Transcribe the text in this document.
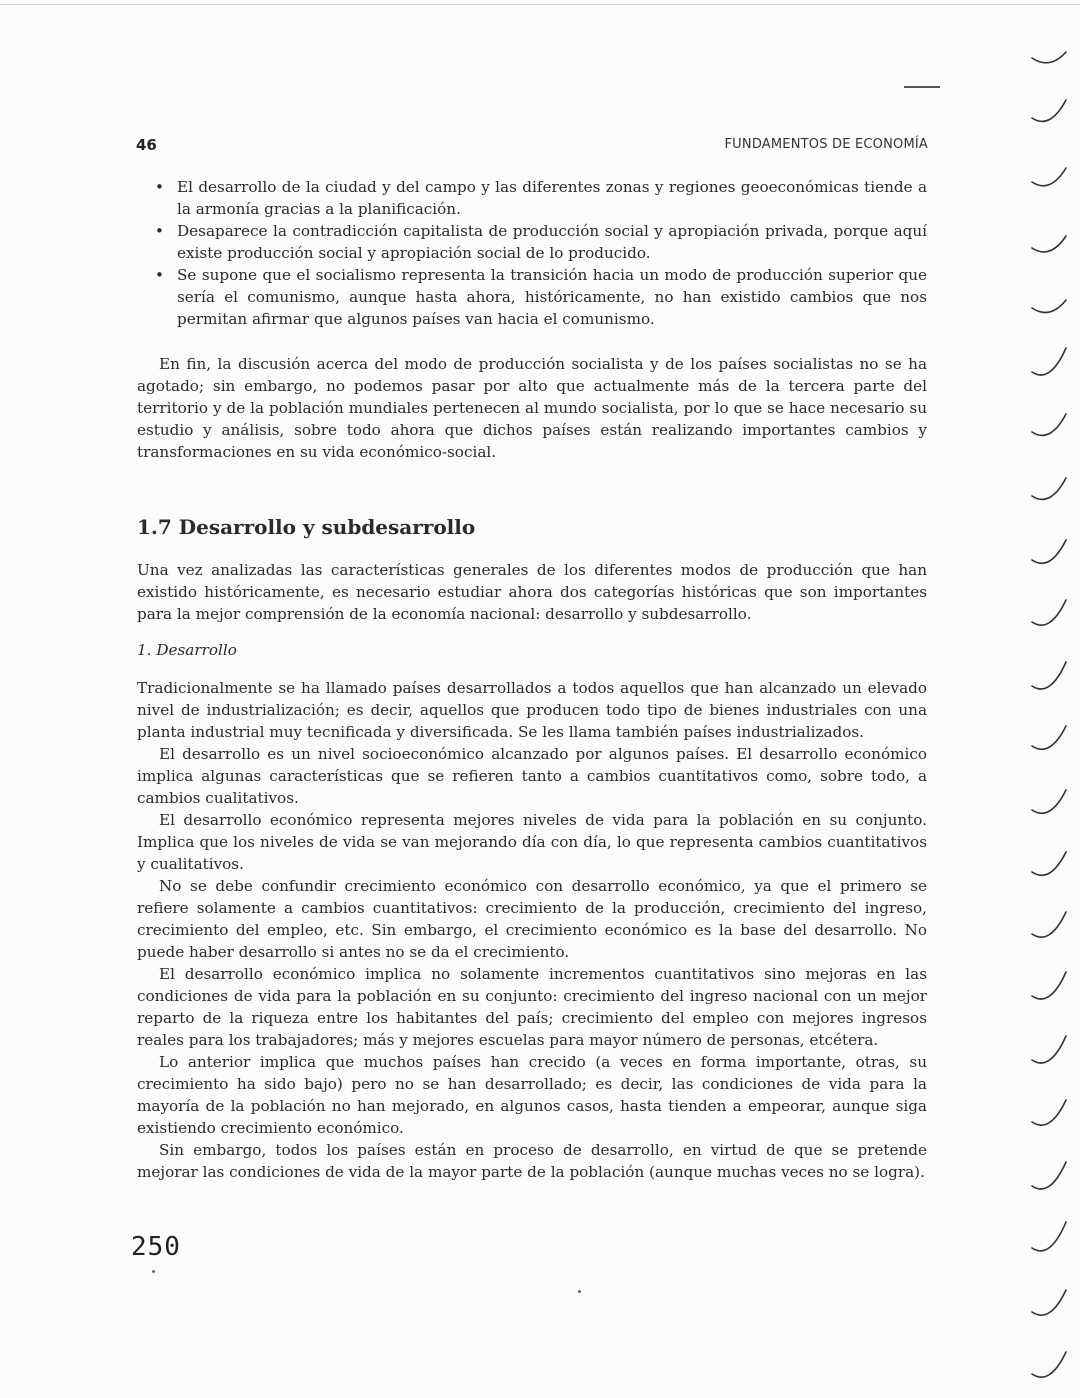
46	FUNDAMENTOS DE ECONOMÍA
• El desarrollo de la ciudad y del campo y las diferentes zonas y regiones geoeconómicas tiende a la armonía gracias a la planificación.
• Desaparece la contradicción capitalista de producción social y apropiación privada, porque aquí existe producción social y apropiación social de lo producido.
• Se supone que el socialismo representa la transición hacia un modo de producción superior que sería el comunismo, aunque hasta ahora, históricamente, no han existido cambios que nos permitan afirmar que algunos países van hacia el comunismo.

En fin, la discusión acerca del modo de producción socialista y de los países socialistas no se ha agotado; sin embargo, no podemos pasar por alto que actualmente más de la tercera parte del territorio y de la población mundiales pertenecen al mundo socialista, por lo que se hace necesario su estudio y análisis, sobre todo ahora que dichos países están realizando importantes cambios y transformaciones en su vida económico-social.

1.7 Desarrollo y subdesarrollo

Una vez analizadas las características generales de los diferentes modos de producción que han existido históricamente, es necesario estudiar ahora dos categorías históricas que son importantes para la mejor comprensión de la economía nacional: desarrollo y subdesarrollo.

1. Desarrollo

Tradicionalmente se ha llamado países desarrollados a todos aquellos que han alcanzado un elevado nivel de industrialización; es decir, aquellos que producen todo tipo de bienes industriales con una planta industrial muy tecnificada y diversificada. Se les llama también países industrializados.

El desarrollo es un nivel socioeconómico alcanzado por algunos países. El desarrollo económico implica algunas características que se refieren tanto a cambios cuantitativos como, sobre todo, a cambios cualitativos.

El desarrollo económico representa mejores niveles de vida para la población en su conjunto. Implica que los niveles de vida se van mejorando día con día, lo que representa cambios cuantitativos y cualitativos.

No se debe confundir crecimiento económico con desarrollo económico, ya que el primero se refiere solamente a cambios cuantitativos: crecimiento de la producción, crecimiento del ingreso, crecimiento del empleo, etc. Sin embargo, el crecimiento económico es la base del desarrollo. No puede haber desarrollo si antes no se da el crecimiento.

El desarrollo económico implica no solamente incrementos cuantitativos sino mejoras en las condiciones de vida para la población en su conjunto: crecimiento del ingreso nacional con un mejor reparto de la riqueza entre los habitantes del país; crecimiento del empleo con mejores ingresos reales para los trabajadores; más y mejores escuelas para mayor número de personas, etcétera.

Lo anterior implica que muchos países han crecido (a veces en forma importante, otras, su crecimiento ha sido bajo) pero no se han desarrollado; es decir, las condiciones de vida para la mayoría de la población no han mejorado, en algunos casos, hasta tienden a empeorar, aunque siga existiendo crecimiento económico.

Sin embargo, todos los países están en proceso de desarrollo, en virtud de que se pretende mejorar las condiciones de vida de la mayor parte de la población (aunque muchas veces no se logra).

250
